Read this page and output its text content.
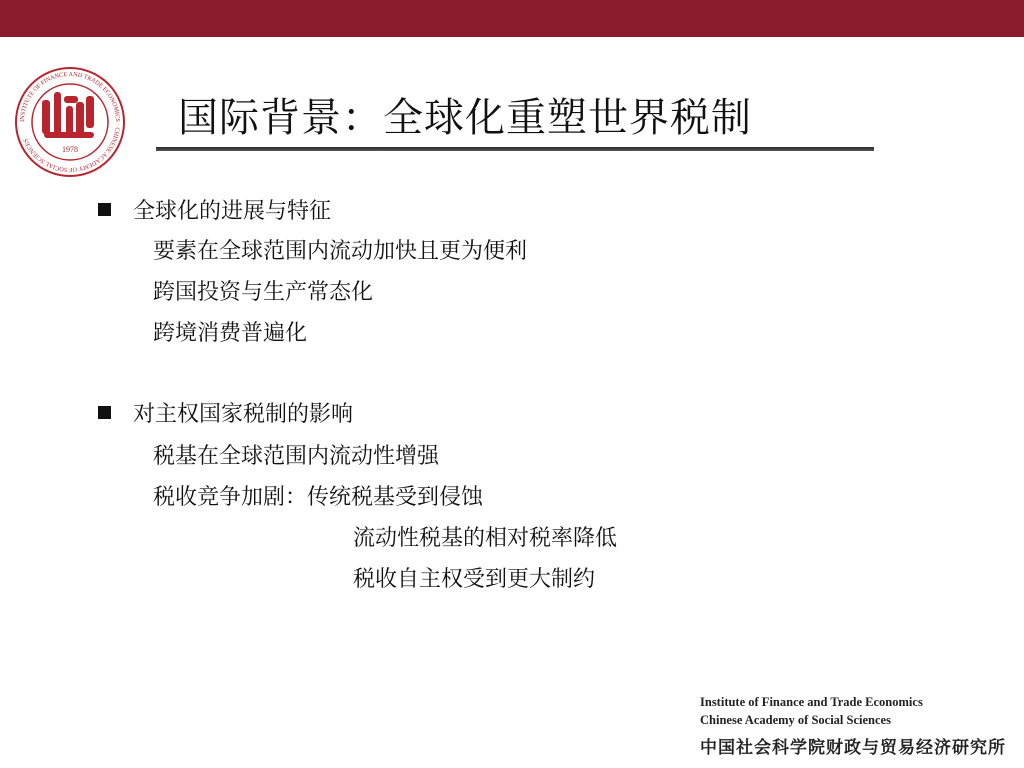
INSTITUTE OF FINANCE AND TRADE ECONOMICS · CHINESE ACADEMY OF SOCIAL SCIENCES
1978
国际背景：全球化重塑世界税制
全球化的进展与特征
要素在全球范围内流动加快且更为便利
跨国投资与生产常态化
跨境消费普遍化
对主权国家税制的影响
税基在全球范围内流动性增强
税收竞争加剧：传统税基受到侵蚀
流动性税基的相对税率降低
税收自主权受到更大制约
Institute of Finance and Trade Economics
Chinese Academy of Social Sciences
中国社会科学院财政与贸易经济研究所
